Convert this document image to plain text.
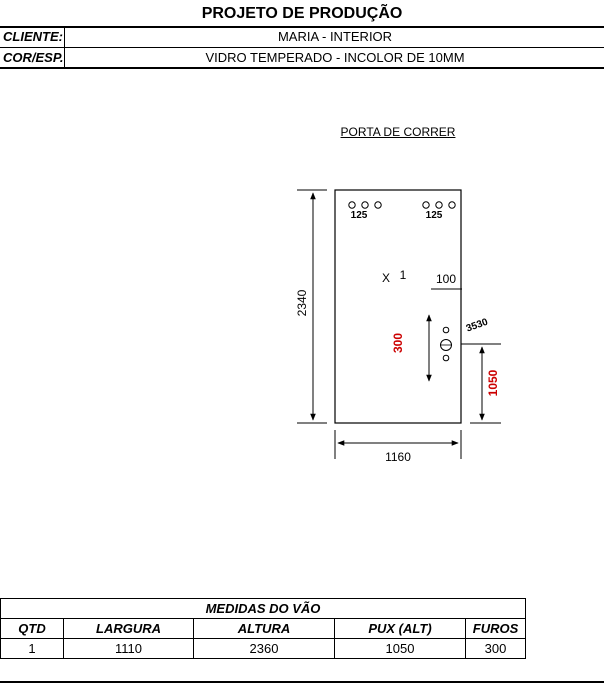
PROJETO DE PRODUÇÃO
CLIENTE:	MARIA - INTERIOR
COR/ESP.	VIDRO TEMPERADO - INCOLOR DE 10MM
PORTA DE CORRER
125	125
X 1 100
2340
1160
300
3530
1050
MEDIDAS DO VÃO				
QTD	LARGURA	ALTURA	PUX (ALT)	FUROS
1	1110	2360	1050	300
